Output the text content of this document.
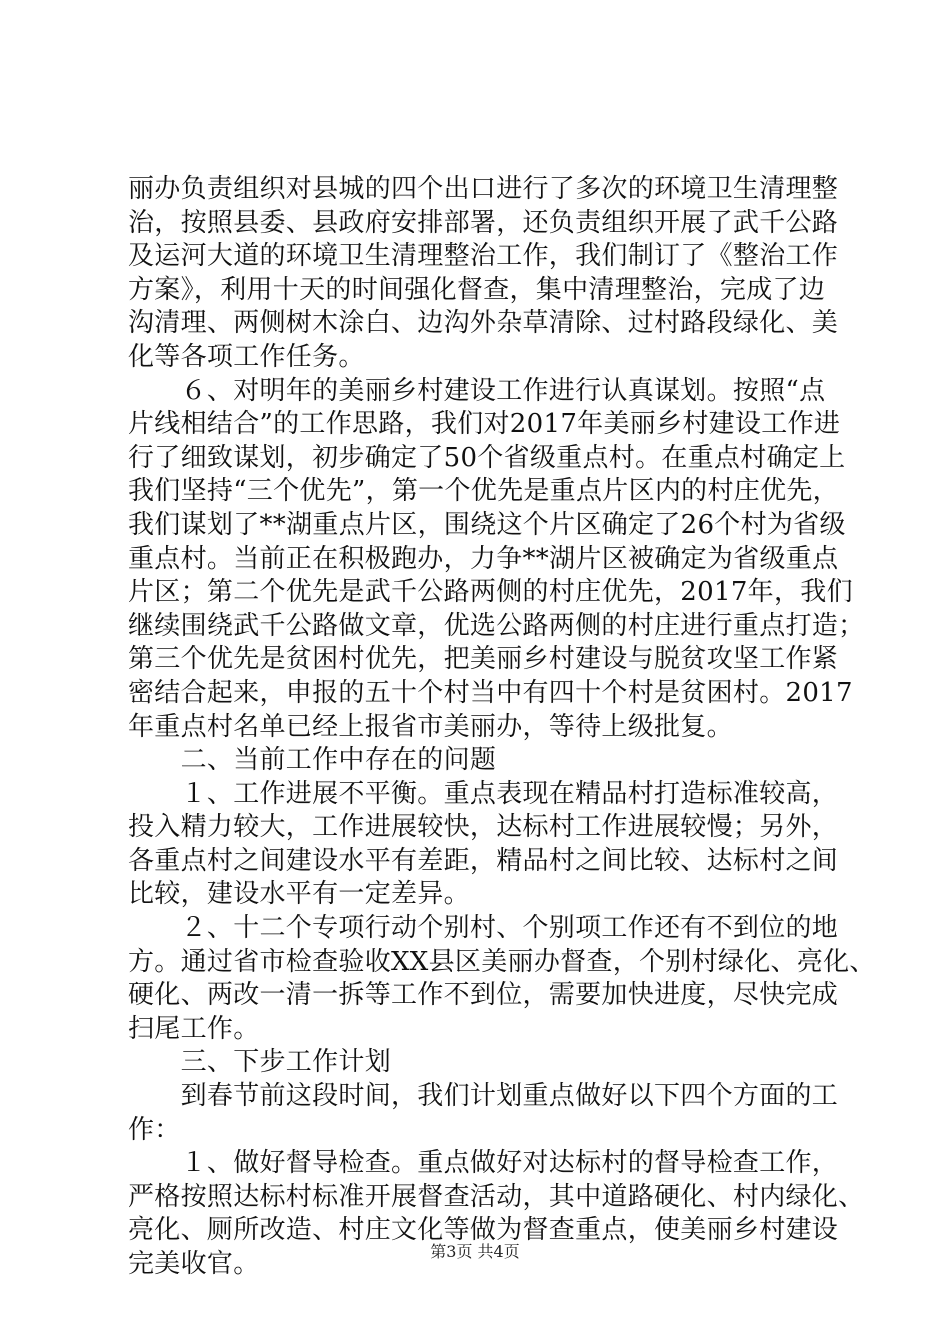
丽办负责组织对县城的四个出口进行了多次的环境卫生清理整
治，按照县委、县政府安排部署，还负责组织开展了武千公路
及运河大道的环境卫生清理整治工作，我们制订了《整治工作
方案》，利用十天的时间强化督查，集中清理整治，完成了边
沟清理、两侧树木涂白、边沟外杂草清除、过村路段绿化、美
化等各项工作任务。
　　６、对明年的美丽乡村建设工作进行认真谋划。按照“点
片线相结合”的工作思路，我们对2017年美丽乡村建设工作进
行了细致谋划，初步确定了50个省级重点村。在重点村确定上
我们坚持“三个优先”，第一个优先是重点片区内的村庄优先，
我们谋划了**湖重点片区，围绕这个片区确定了26个村为省级
重点村。当前正在积极跑办，力争**湖片区被确定为省级重点
片区；第二个优先是武千公路两侧的村庄优先，2017年，我们
继续围绕武千公路做文章，优选公路两侧的村庄进行重点打造；
第三个优先是贫困村优先，把美丽乡村建设与脱贫攻坚工作紧
密结合起来，申报的五十个村当中有四十个村是贫困村。2017
年重点村名单已经上报省市美丽办，等待上级批复。
　　二、当前工作中存在的问题
　　１、工作进展不平衡。重点表现在精品村打造标准较高，
投入精力较大，工作进展较快，达标村工作进展较慢；另外，
各重点村之间建设水平有差距，精品村之间比较、达标村之间
比较，建设水平有一定差异。
　　２、十二个专项行动个别村、个别项工作还有不到位的地
方。通过省市检查验收XX县区美丽办督查，个别村绿化、亮化、
硬化、两改一清一拆等工作不到位，需要加快进度，尽快完成
扫尾工作。
　　三、下步工作计划
　　到春节前这段时间，我们计划重点做好以下四个方面的工
作：
　　１、做好督导检查。重点做好对达标村的督导检查工作，
严格按照达标村标准开展督查活动，其中道路硬化、村内绿化、
亮化、厕所改造、村庄文化等做为督查重点，使美丽乡村建设
完美收官。	第3页 共4页
